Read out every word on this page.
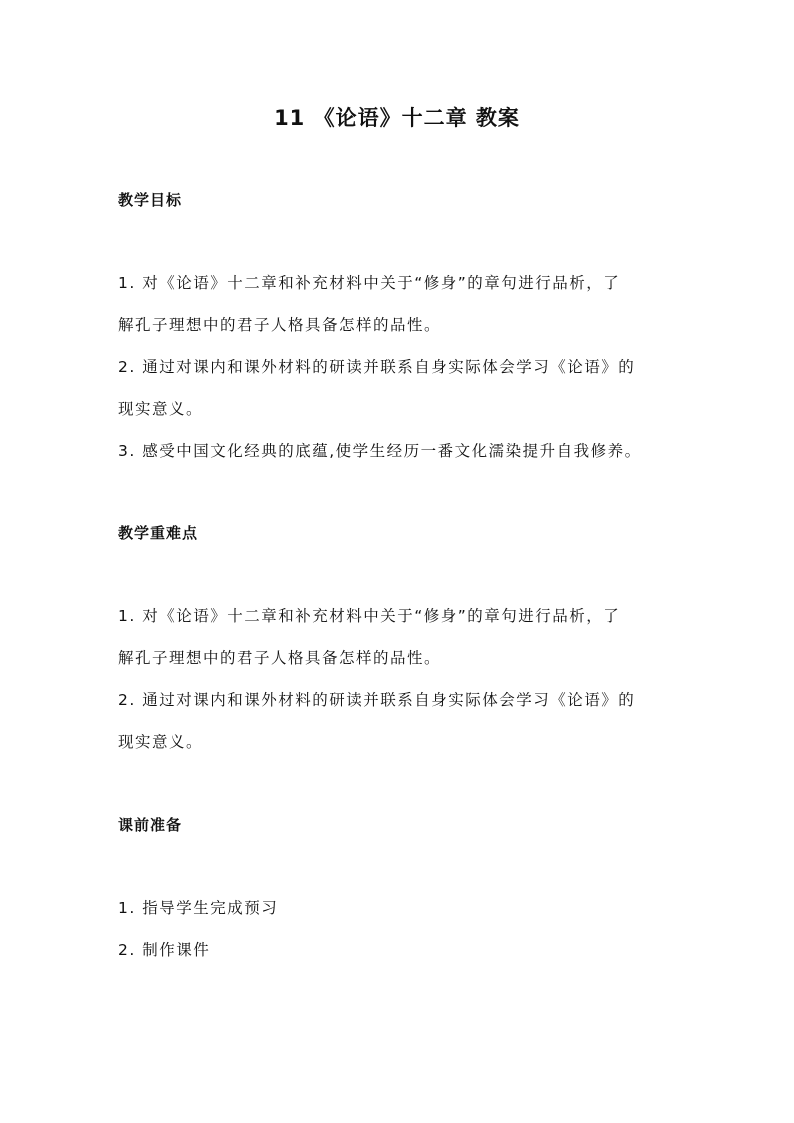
11 《论语》十二章 教案
教学目标
1. 对《论语》十二章和补充材料中关于“修身”的章句进行品析，了
解孔子理想中的君子人格具备怎样的品性。
2. 通过对课内和课外材料的研读并联系自身实际体会学习《论语》的
现实意义。
3. 感受中国文化经典的底蕴,使学生经历一番文化濡染提升自我修养。
教学重难点
1. 对《论语》十二章和补充材料中关于“修身”的章句进行品析，了
解孔子理想中的君子人格具备怎样的品性。
2. 通过对课内和课外材料的研读并联系自身实际体会学习《论语》的
现实意义。
课前准备
1. 指导学生完成预习
2. 制作课件
